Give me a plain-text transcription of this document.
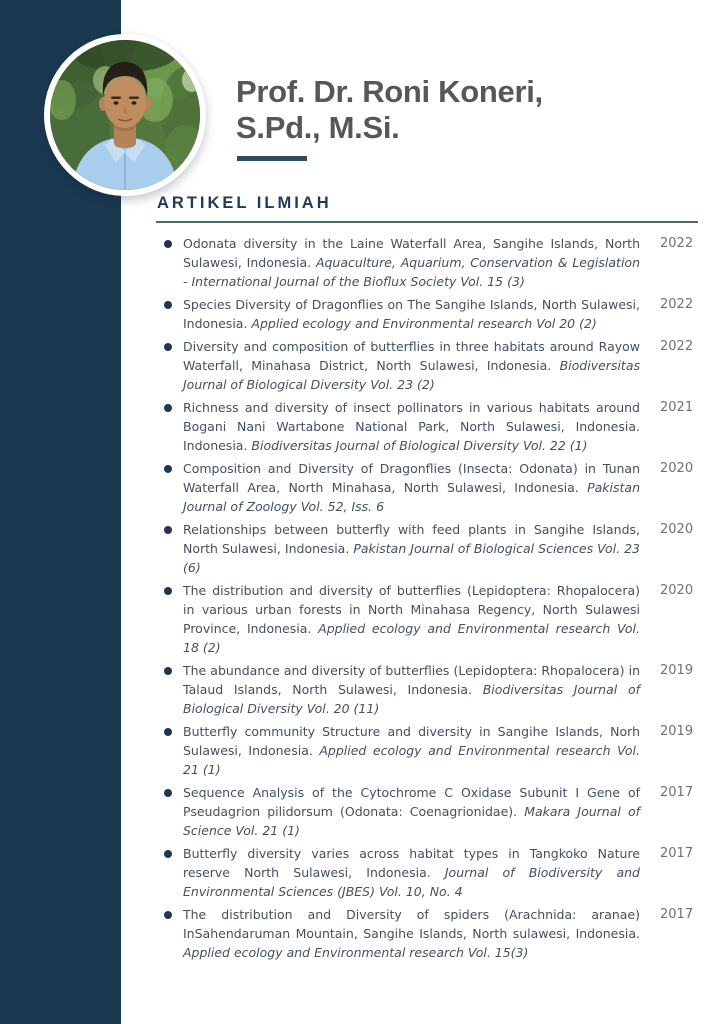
Prof. Dr. Roni Koneri,
S.Pd., M.Si.
ARTIKEL ILMIAH
Odonata diversity in the Laine Waterfall Area, Sangihe Islands, North Sulawesi, Indonesia. Aquaculture, Aquarium, Conservation & Legislation - International Journal of the Bioflux Society Vol. 15 (3)
2022
Species Diversity of Dragonflies on The Sangihe Islands, North Sulawesi, Indonesia. Applied ecology and Environmental research Vol 20 (2)
2022
Diversity and composition of butterflies in three habitats around Rayow Waterfall, Minahasa District, North Sulawesi, Indonesia. Biodiversitas Journal of Biological Diversity Vol. 23 (2)
2022
Richness and diversity of insect pollinators in various habitats around Bogani Nani Wartabone National Park, North Sulawesi, Indonesia. Indonesia. Biodiversitas Journal of Biological Diversity Vol. 22 (1)
2021
Composition and Diversity of Dragonflies (Insecta: Odonata) in Tunan Waterfall Area, North Minahasa, North Sulawesi, Indonesia. Pakistan Journal of Zoology Vol. 52, Iss. 6
2020
Relationships between butterfly with feed plants in Sangihe Islands, North Sulawesi, Indonesia. Pakistan Journal of Biological Sciences Vol. 23 (6)
2020
The distribution and diversity of butterflies (Lepidoptera: Rhopalocera) in various urban forests in North Minahasa Regency, North Sulawesi Province, Indonesia. Applied ecology and Environmental research Vol. 18 (2)
2020
The abundance and diversity of butterflies (Lepidoptera: Rhopalocera) in Talaud Islands, North Sulawesi, Indonesia. Biodiversitas Journal of Biological Diversity Vol. 20 (11)
2019
Butterfly community Structure and diversity in Sangihe Islands, Norh Sulawesi, Indonesia. Applied ecology and Environmental research Vol. 21 (1)
2019
Sequence Analysis of the Cytochrome C Oxidase Subunit I Gene of Pseudagrion pilidorsum (Odonata: Coenagrionidae). Makara Journal of Science Vol. 21 (1)
2017
Butterfly diversity varies across habitat types in Tangkoko Nature reserve North Sulawesi, Indonesia. Journal of Biodiversity and Environmental Sciences (JBES) Vol. 10, No. 4
2017
The distribution and Diversity of spiders (Arachnida: aranae) InSahendaruman Mountain, Sangihe Islands, North sulawesi, Indonesia. Applied ecology and Environmental research Vol. 15(3)
2017
